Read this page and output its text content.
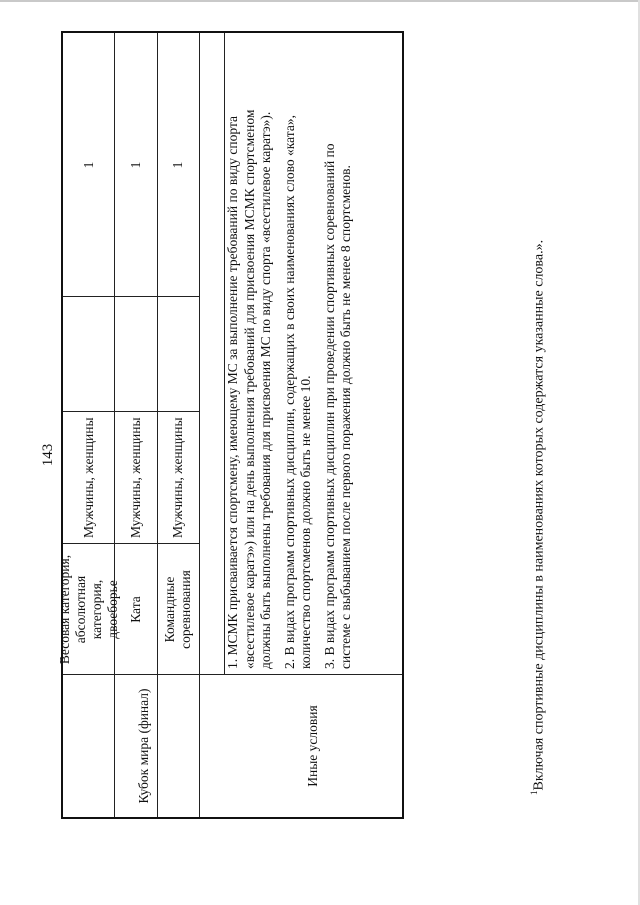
143
Кубок мира (финал)
Весовая категория, абсолютная категория, двоеборье
Мужчины, женщины
1
Ката
Мужчины, женщины
1
Командные соревнования
Мужчины, женщины
1
Иные условия

1. МСМК присваивается спортсмену, имеющему МС за выполнение требований по виду спорта «всестилевое каратэ») или на день выполнения требований для присвоения МСМК спортсменом должны быть выполнены требования для присвоения МС по виду спорта «всестилевое каратэ»). 2. В видах программ спортивных дисциплин, содержащих в своих наименованиях слово «ката», количество спортсменов должно быть не менее 10. 3. В видах программ спортивных дисциплин при проведении спортивных соревнований по системе с выбыванием после первого поражения должно быть не менее 8 спортсменов.

$^1$Включая спортивные дисциплины в наименованиях которых содержатся указанные слова.».
